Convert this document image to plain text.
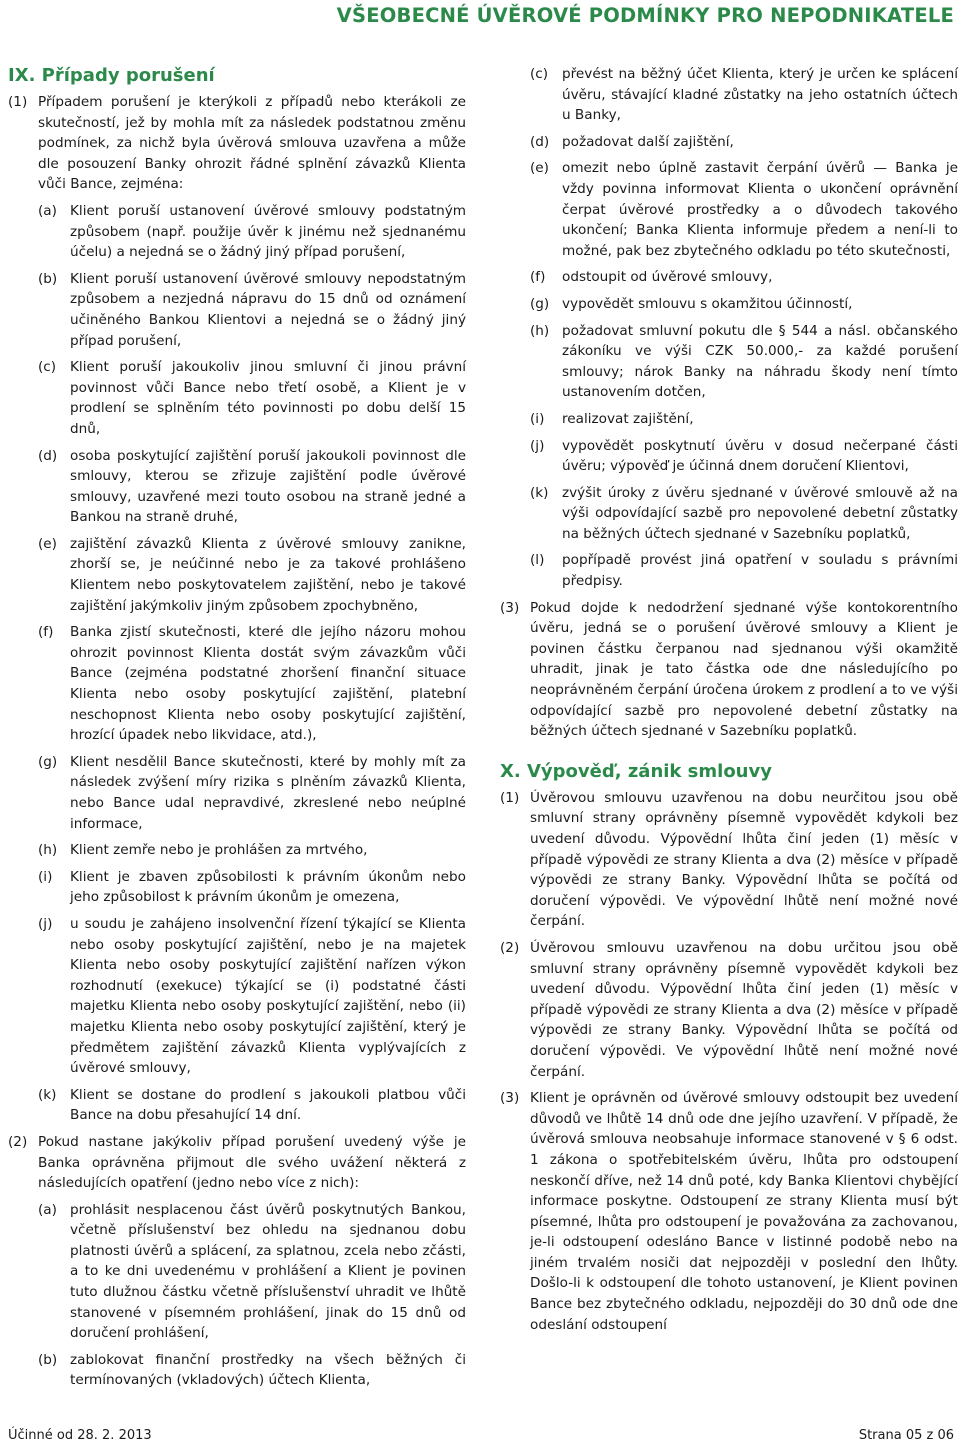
VŠEOBECNÉ ÚVĚROVÉ PODMÍNKY PRO NEPODNIKATELE
IX. Případy porušení
(1) Případem porušení je kterýkoli z případů nebo kterákoli ze skutečností, jež by mohla mít za následek podstatnou změnu podmínek, za nichž byla úvěrová smlouva uzavřena a může dle posouzení Banky ohrozit řádné splnění závazků Klienta vůči Bance, zejména:
(a) Klient poruší ustanovení úvěrové smlouvy podstatným způsobem (např. použije úvěr k jinému než sjednanému účelu) a nejedná se o žádný jiný případ porušení,
(b) Klient poruší ustanovení úvěrové smlouvy nepodstatným způsobem a nezjedná nápravu do 15 dnů od oznámení učiněného Bankou Klientovi a nejedná se o žádný jiný případ porušení,
(c) Klient poruší jakoukoliv jinou smluvní či jinou právní povinnost vůči Bance nebo třetí osobě, a Klient je v prodlení se splněním této povinnosti po dobu delší 15 dnů,
(d) osoba poskytující zajištění poruší jakoukoli povinnost dle smlouvy, kterou se zřizuje zajištění podle úvěrové smlouvy, uzavřené mezi touto osobou na straně jedné a Bankou na straně druhé,
(e) zajištění závazků Klienta z úvěrové smlouvy zanikne, zhorší se, je neúčinné nebo je za takové prohlášeno Klientem nebo poskytovatelem zajištění, nebo je takové zajištění jakýmkoliv jiným způsobem zpochybněno,
(f) Banka zjistí skutečnosti, které dle jejího názoru mohou ohrozit povinnost Klienta dostát svým závazkům vůči Bance (zejména podstatné zhoršení finanční situace Klienta nebo osoby poskytující zajištění, platební neschopnost Klienta nebo osoby poskytující zajištění, hrozící úpadek nebo likvidace, atd.),
(g) Klient nesdělil Bance skutečnosti, které by mohly mít za následek zvýšení míry rizika s plněním závazků Klienta, nebo Bance udal nepravdivé, zkreslené nebo neúplné informace,
(h) Klient zemře nebo je prohlášen za mrtvého,
(i) Klient je zbaven způsobilosti k právním úkonům nebo jeho způsobilost k právním úkonům je omezena,
(j) u soudu je zahájeno insolvenční řízení týkající se Klienta nebo osoby poskytující zajištění, nebo je na majetek Klienta nebo osoby poskytující zajištění nařízen výkon rozhodnutí (exekuce) týkající se (i) podstatné části majetku Klienta nebo osoby poskytující zajištění, nebo (ii) majetku Klienta nebo osoby poskytující zajištění, který je předmětem zajištění závazků Klienta vyplývajících z úvěrové smlouvy,
(k) Klient se dostane do prodlení s jakoukoli platbou vůči Bance na dobu přesahující 14 dní.
(2) Pokud nastane jakýkoliv případ porušení uvedený výše je Banka oprávněna přijmout dle svého uvážení některá z následujících opatření (jedno nebo více z nich):
(a) prohlásit nesplacenou část úvěrů poskytnutých Bankou, včetně příslušenství bez ohledu na sjednanou dobu platnosti úvěrů a splácení, za splatnou, zcela nebo zčásti, a to ke dni uvedenému v prohlášení a Klient je povinen tuto dlužnou částku včetně příslušenství uhradit ve lhůtě stanovené v písemném prohlášení, jinak do 15 dnů od doručení prohlášení,
(b) zablokovat finanční prostředky na všech běžných či termínovaných (vkladových) účtech Klienta,
(c) převést na běžný účet Klienta, který je určen ke splácení úvěru, stávající kladné zůstatky na jeho ostatních účtech u Banky,
(d) požadovat další zajištění,
(e) omezit nebo úplně zastavit čerpání úvěrů — Banka je vždy povinna informovat Klienta o ukončení oprávnění čerpat úvěrové prostředky a o důvodech takového ukončení; Banka Klienta informuje předem a není-li to možné, pak bez zbytečného odkladu po této skutečnosti,
(f) odstoupit od úvěrové smlouvy,
(g) vypovědět smlouvu s okamžitou účinností,
(h) požadovat smluvní pokutu dle § 544 a násl. občanského zákoníku ve výši CZK 50.000,- za každé porušení smlouvy; nárok Banky na náhradu škody není tímto ustanovením dotčen,
(i) realizovat zajištění,
(j) vypovědět poskytnutí úvěru v dosud nečerpané části úvěru; výpověď je účinná dnem doručení Klientovi,
(k) zvýšit úroky z úvěru sjednané v úvěrové smlouvě až na výši odpovídající sazbě pro nepovolené debetní zůstatky na běžných účtech sjednané v Sazebníku poplatků,
(l) popřípadě provést jiná opatření v souladu s právními předpisy.
(3) Pokud dojde k nedodržení sjednané výše kontokorentního úvěru, jedná se o porušení úvěrové smlouvy a Klient je povinen částku čerpanou nad sjednanou výši okamžitě uhradit, jinak je tato částka ode dne následujícího po neoprávněném čerpání úročena úrokem z prodlení a to ve výši odpovídající sazbě pro nepovolené debetní zůstatky na běžných účtech sjednané v Sazebníku poplatků.
X. Výpověď, zánik smlouvy
(1) Úvěrovou smlouvu uzavřenou na dobu neurčitou jsou obě smluvní strany oprávněny písemně vypovědět kdykoli bez uvedení důvodu. Výpovědní lhůta činí jeden (1) měsíc v případě výpovědi ze strany Klienta a dva (2) měsíce v případě výpovědi ze strany Banky. Výpovědní lhůta se počítá od doručení výpovědi. Ve výpovědní lhůtě není možné nové čerpání.
(2) Úvěrovou smlouvu uzavřenou na dobu určitou jsou obě smluvní strany oprávněny písemně vypovědět kdykoli bez uvedení důvodu. Výpovědní lhůta činí jeden (1) měsíc v případě výpovědi ze strany Klienta a dva (2) měsíce v případě výpovědi ze strany Banky. Výpovědní lhůta se počítá od doručení výpovědi. Ve výpovědní lhůtě není možné nové čerpání.
(3) Klient je oprávněn od úvěrové smlouvy odstoupit bez uvedení důvodů ve lhůtě 14 dnů ode dne jejího uzavření. V případě, že úvěrová smlouva neobsahuje informace stanovené v § 6 odst. 1 zákona o spotřebitelském úvěru, lhůta pro odstoupení neskončí dříve, než 14 dnů poté, kdy Banka Klientovi chybějící informace poskytne. Odstoupení ze strany Klienta musí být písemné, lhůta pro odstoupení je považována za zachovanou, je-li odstoupení odesláno Bance v listinné podobě nebo na jiném trvalém nosiči dat nejpozději v poslední den lhůty. Došlo-li k odstoupení dle tohoto ustanovení, je Klient povinen Bance bez zbytečného odkladu, nejpozději do 30 dnů ode dne odeslání odstoupení
Účinné od 28. 2. 2013	Strana 05 z 06
